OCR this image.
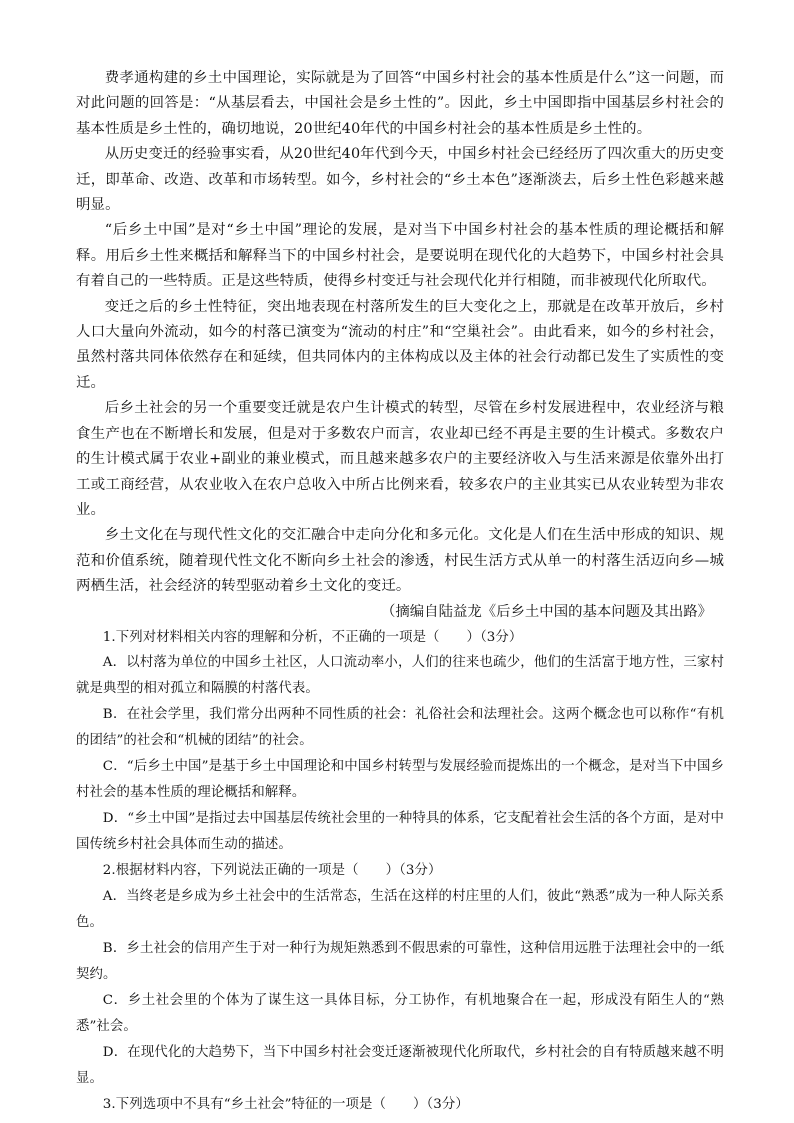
费孝通构建的乡土中国理论，实际就是为了回答“中国乡村社会的基本性质是什么”这一问题，而对此问题的回答是：“从基层看去，中国社会是乡土性的”。因此，乡土中国即指中国基层乡村社会的基本性质是乡土性的，确切地说，20世纪40年代的中国乡村社会的基本性质是乡土性的。

从历史变迁的经验事实看，从20世纪40年代到今天，中国乡村社会已经经历了四次重大的历史变迁，即革命、改造、改革和市场转型。如今，乡村社会的“乡土本色”逐渐淡去，后乡土性色彩越来越明显。

“后乡土中国”是对“乡土中国”理论的发展，是对当下中国乡村社会的基本性质的理论概括和解释。用后乡土性来概括和解释当下的中国乡村社会，是要说明在现代化的大趋势下，中国乡村社会具有着自己的一些特质。正是这些特质，使得乡村变迁与社会现代化并行相随，而非被现代化所取代。

变迁之后的乡土性特征，突出地表现在村落所发生的巨大变化之上，那就是在改革开放后，乡村人口大量向外流动，如今的村落已演变为“流动的村庄”和“空巢社会”。由此看来，如今的乡村社会，虽然村落共同体依然存在和延续，但共同体内的主体构成以及主体的社会行动都已发生了实质性的变迁。

后乡土社会的另一个重要变迁就是农户生计模式的转型，尽管在乡村发展进程中，农业经济与粮食生产也在不断增长和发展，但是对于多数农户而言，农业却已经不再是主要的生计模式。多数农户的生计模式属于农业+副业的兼业模式，而且越来越多农户的主要经济收入与生活来源是依靠外出打工或工商经营，从农业收入在农户总收入中所占比例来看，较多农户的主业其实已从农业转型为非农业。

乡土文化在与现代性文化的交汇融合中走向分化和多元化。文化是人们在生活中形成的知识、规范和价值系统，随着现代性文化不断向乡土社会的渗透，村民生活方式从单一的村落生活迈向乡—城两栖生活，社会经济的转型驱动着乡土文化的变迁。

（摘编自陆益龙《后乡土中国的基本问题及其出路》

1.下列对材料相关内容的理解和分析，不正确的一项是（　　）（3分）

A．以村落为单位的中国乡土社区，人口流动率小，人们的往来也疏少，他们的生活富于地方性，三家村就是典型的相对孤立和隔膜的村落代表。

B．在社会学里，我们常分出两种不同性质的社会：礼俗社会和法理社会。这两个概念也可以称作“有机的团结”的社会和“机械的团结”的社会。

C．“后乡土中国”是基于乡土中国理论和中国乡村转型与发展经验而提炼出的一个概念，是对当下中国乡村社会的基本性质的理论概括和解释。

D．“乡土中国”是指过去中国基层传统社会里的一种特具的体系，它支配着社会生活的各个方面，是对中国传统乡村社会具体而生动的描述。

2.根据材料内容，下列说法正确的一项是（　　）（3分）

A．当终老是乡成为乡土社会中的生活常态，生活在这样的村庄里的人们，彼此“熟悉”成为一种人际关系色。

B．乡土社会的信用产生于对一种行为规矩熟悉到不假思索的可靠性，这种信用远胜于法理社会中的一纸契约。

C．乡土社会里的个体为了谋生这一具体目标，分工协作，有机地聚合在一起，形成没有陌生人的“熟悉”社会。

D．在现代化的大趋势下，当下中国乡村社会变迁逐渐被现代化所取代，乡村社会的自有特质越来越不明显。

3.下列选项中不具有“乡土社会”特征的一项是（　　）（3分）
